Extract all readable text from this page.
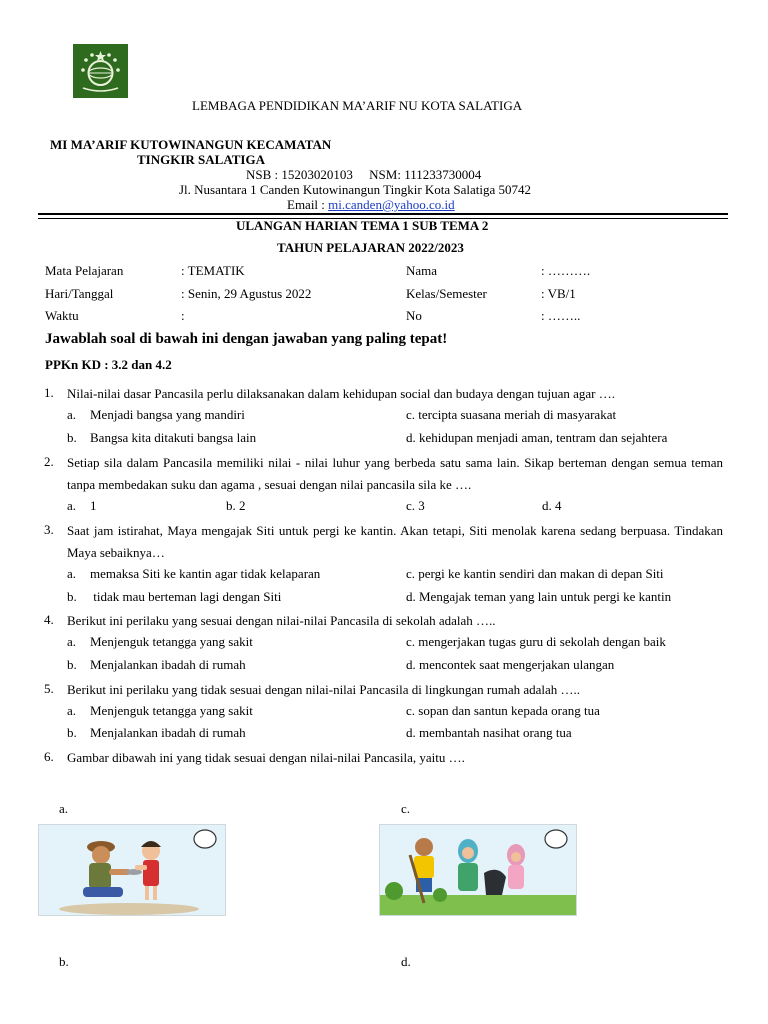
LEMBAGA PENDIDIKAN MA’ARIF NU KOTA SALATIGA
MI MA’ARIF KUTOWINANGUN KECAMATAN
TINGKIR SALATIGA
NSB : 15203020103     NSM: 111233730004
Jl. Nusantara 1 Canden Kutowinangun Tingkir Kota Salatiga 50742
Email : mi.canden@yahoo.co.id
ULANGAN HARIAN TEMA 1 SUB TEMA 2
TAHUN PELAJARAN 2022/2023
Mata Pelajaran	: TEMATIK	Nama	: ……….
Hari/Tanggal	: Senin, 29 Agustus 2022	Kelas/Semester	: VB/1
Waktu	:	No	: ……..
Jawablah soal di bawah ini dengan jawaban yang paling tepat!
PPKn KD : 3.2 dan 4.2
1. Nilai-nilai dasar Pancasila perlu dilaksanakan dalam kehidupan social dan budaya dengan tujuan agar ….
a. Menjadi bangsa yang mandiri	c. tercipta suasana meriah di masyarakat
b. Bangsa kita ditakuti bangsa lain	d. kehidupan menjadi aman, tentram dan sejahtera
2. Setiap sila dalam Pancasila memiliki nilai - nilai luhur yang berbeda satu sama lain. Sikap berteman dengan semua teman tanpa membedakan suku dan agama , sesuai dengan nilai pancasila sila ke ….
a. 1	b. 2	c. 3	d. 4
3. Saat jam istirahat, Maya mengajak Siti untuk pergi ke kantin. Akan tetapi, Siti menolak karena sedang berpuasa. Tindakan Maya sebaiknya…
a. memaksa Siti ke kantin agar tidak kelaparan	c. pergi ke kantin sendiri dan makan di depan Siti
b. tidak mau berteman lagi dengan Siti	d. Mengajak teman yang lain untuk pergi ke kantin
4. Berikut ini perilaku yang sesuai dengan nilai-nilai Pancasila di sekolah adalah …..
a. Menjenguk tetangga yang sakit	c. mengerjakan tugas guru di sekolah dengan baik
b. Menjalankan ibadah di rumah	d. mencontek saat mengerjakan ulangan
5. Berikut ini perilaku yang tidak sesuai dengan nilai-nilai Pancasila di lingkungan rumah adalah …..
a. Menjenguk tetangga yang sakit	c. sopan dan santun kepada orang tua
b. Menjalankan ibadah di rumah	d. membantah nasihat orang tua
6. Gambar dibawah ini yang tidak sesuai dengan nilai-nilai Pancasila, yaitu ….
a.	c.
b.	d.
